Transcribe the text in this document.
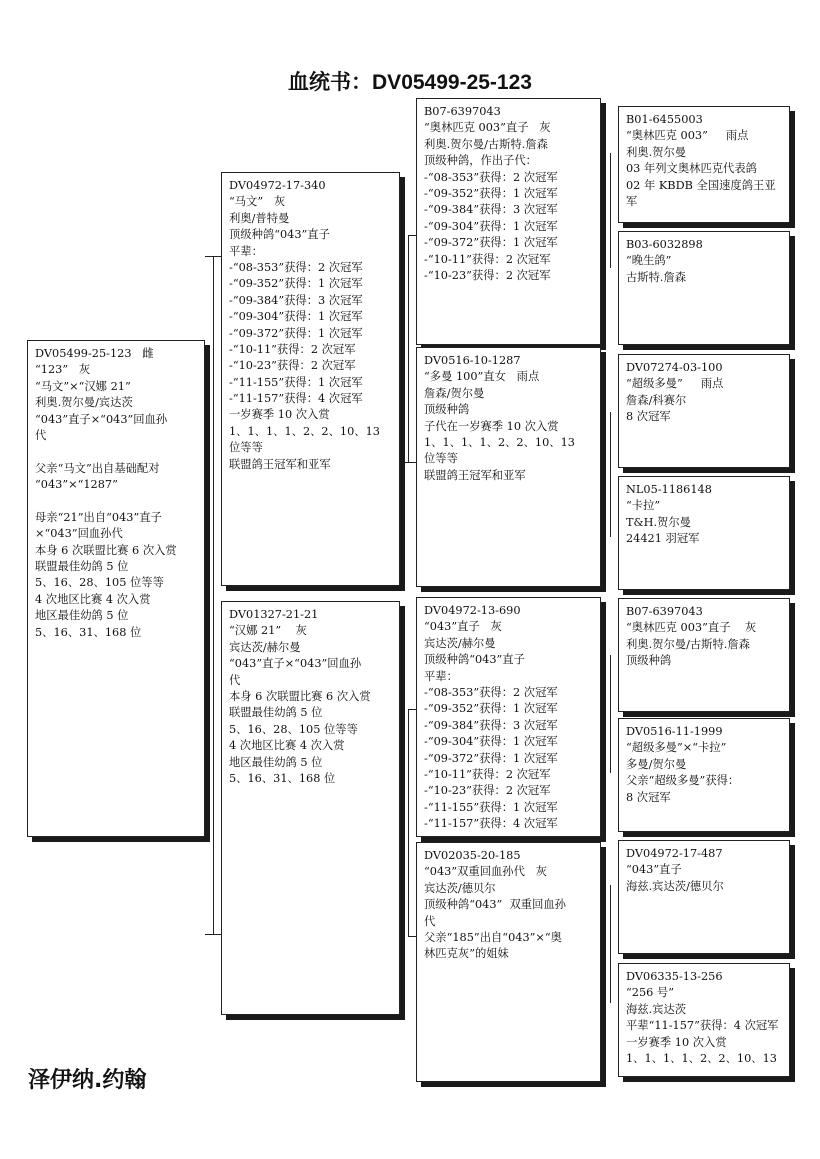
血统书：DV05499-25-123
DV05499-25-123   雌
“123”   灰
“马文”×“汉娜 21”
利奥.贺尔曼/宾达茨
“043”直子×“043”回血孙
代
父亲“马文”出自基础配对
“043”×“1287”
母亲“21”出自“043”直子
×“043”回血孙代
本身 6 次联盟比赛 6 次入赏
联盟最佳幼鸽 5 位
5、16、28、105 位等等
4 次地区比赛 4 次入赏
地区最佳幼鸽 5 位
5、16、31、168 位
DV04972-17-340
“马文”   灰
利奥/普特曼
顶级种鸽“043”直子
平辈：
-“08-353”获得：2 次冠军
-“09-352”获得：1 次冠军
-“09-384”获得：3 次冠军
-“09-304”获得：1 次冠军
-“09-372”获得：1 次冠军
-“10-11”获得：2 次冠军
-“10-23”获得：2 次冠军
-“11-155”获得：1 次冠军
-“11-157”获得：4 次冠军
一岁赛季 10 次入赏
1、1、1、1、2、2、10、13
位等等
联盟鸽王冠军和亚军
DV01327-21-21
“汉娜 21”    灰
宾达茨/赫尔曼
“043”直子×“043”回血孙
代
本身 6 次联盟比赛 6 次入赏
联盟最佳幼鸽 5 位
5、16、28、105 位等等
4 次地区比赛 4 次入赏
地区最佳幼鸽 5 位
5、16、31、168 位
B07-6397043
“奥林匹克 003”直子   灰
利奥.贺尔曼/古斯特.詹森
顶级种鸽，作出子代：
-“08-353”获得：2 次冠军
-“09-352”获得：1 次冠军
-“09-384”获得：3 次冠军
-“09-304”获得：1 次冠军
-“09-372”获得：1 次冠军
-“10-11”获得：2 次冠军
-“10-23”获得：2 次冠军
DV0516-10-1287
“多曼 100”直女   雨点
詹森/贺尔曼
顶级种鸽
子代在一岁赛季 10 次入赏
1、1、1、1、2、2、10、13
位等等
联盟鸽王冠军和亚军
DV04972-13-690
“043”直子   灰
宾达茨/赫尔曼
顶级种鸽“043”直子
平辈：
-“08-353”获得：2 次冠军
-“09-352”获得：1 次冠军
-“09-384”获得：3 次冠军
-“09-304”获得：1 次冠军
-“09-372”获得：1 次冠军
-“10-11”获得：2 次冠军
-“10-23”获得：2 次冠军
-“11-155”获得：1 次冠军
-“11-157”获得：4 次冠军
DV02035-20-185
“043”双重回血孙代   灰
宾达茨/德贝尔
顶级种鸽“043”  双重回血孙
代
父亲“185”出自“043”×“奥
林匹克灰”的姐妹
B01-6455003
“奥林匹克 003”     雨点
利奥.贺尔曼
03 年列文奥林匹克代表鸽
02 年 KBDB 全国速度鸽王亚
军
B03-6032898
“晚生鸽”
古斯特.詹森
DV07274-03-100
“超级多曼”     雨点
詹森/科赛尔
8 次冠军
NL05-1186148
“卡拉”
T&H.贺尔曼
24421 羽冠军
B07-6397043
“奥林匹克 003”直子    灰
利奥.贺尔曼/古斯特.詹森
顶级种鸽
DV0516-11-1999
“超级多曼”×“卡拉”
多曼/贺尔曼
父亲“超级多曼”获得：
8 次冠军
DV04972-17-487
“043”直子
海兹.宾达茨/德贝尔
DV06335-13-256
“256 号”
海兹.宾达茨
平辈“11-157”获得：4 次冠军
一岁赛季 10 次入赏
1、1、1、1、2、2、10、13
泽伊纳.约翰
